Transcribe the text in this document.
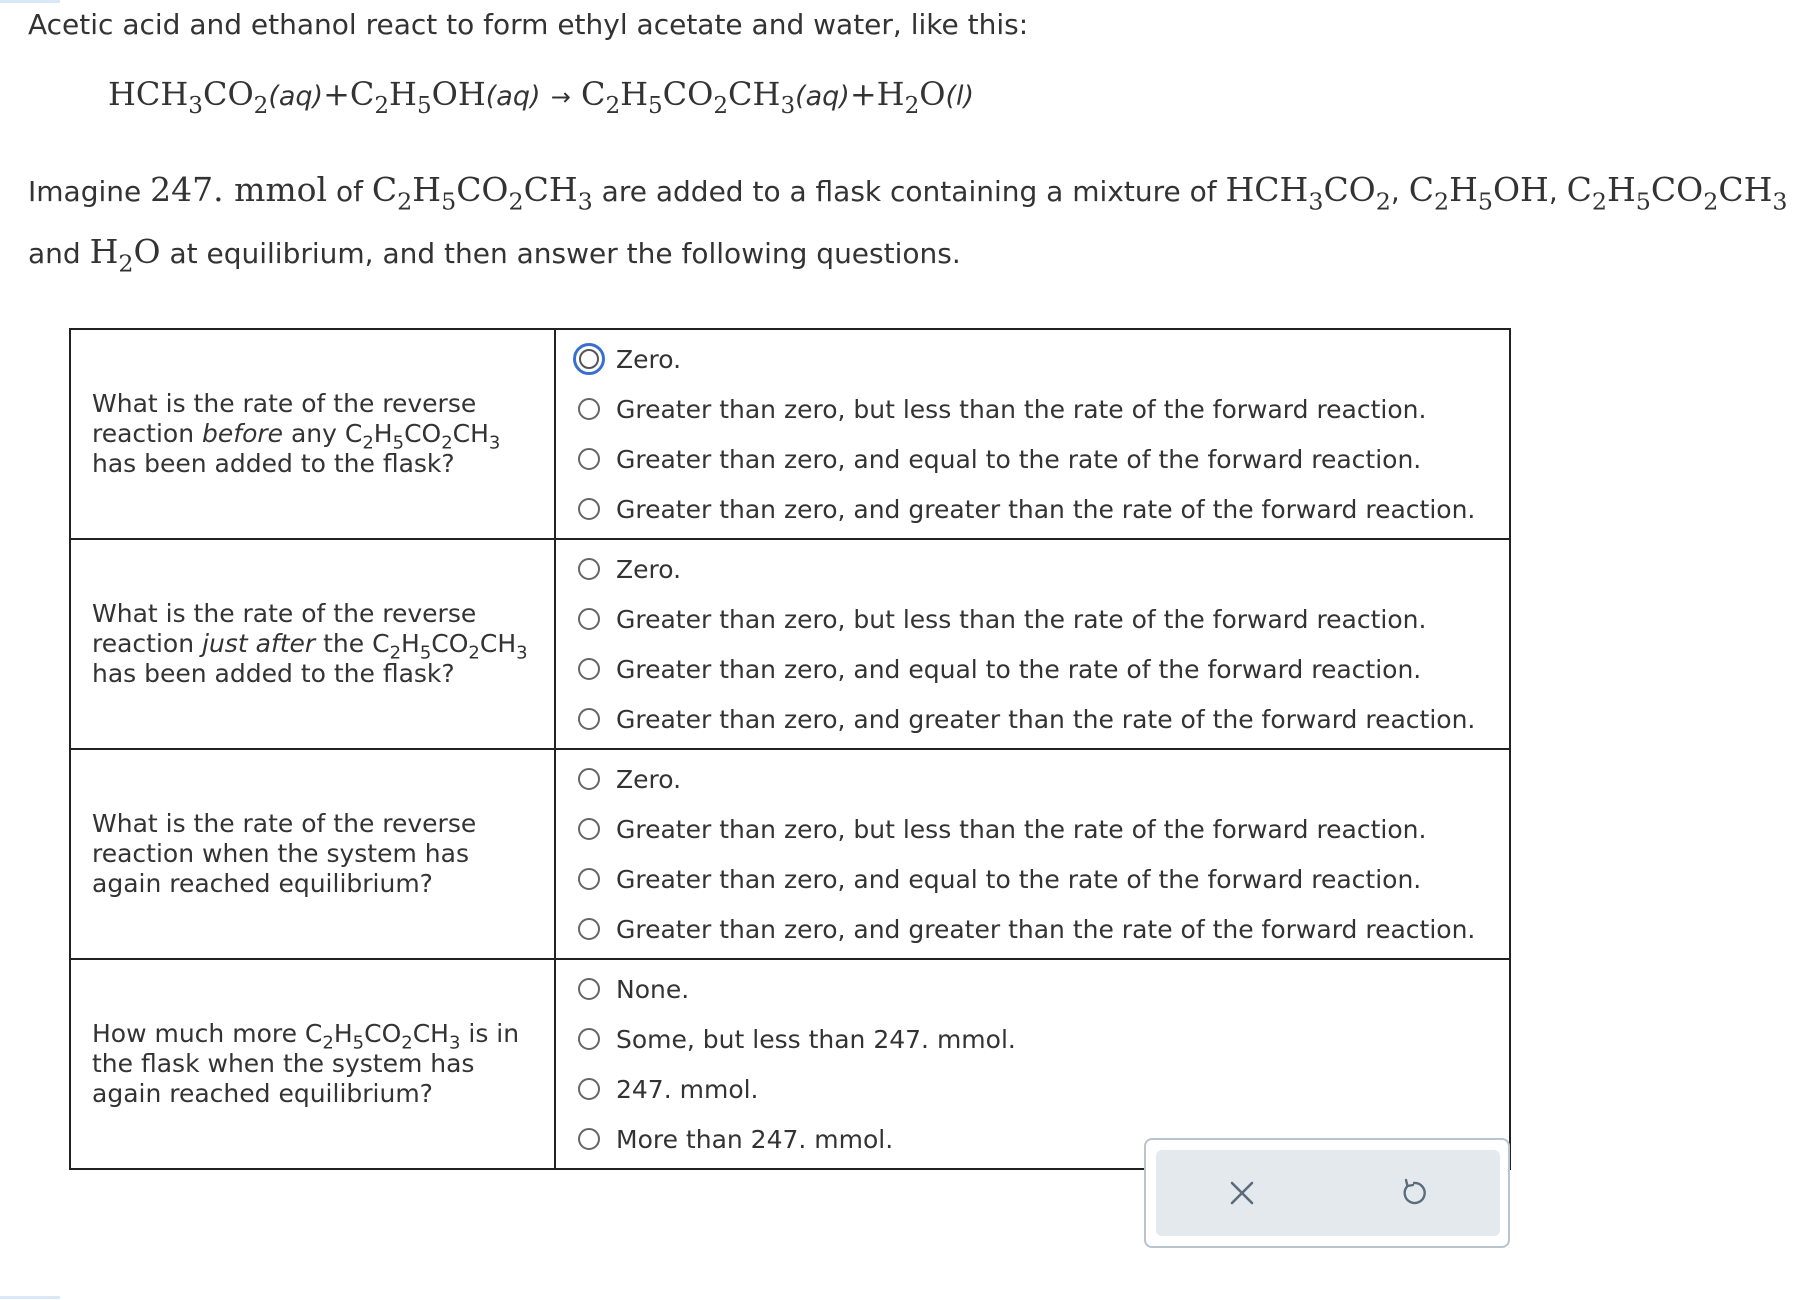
Acetic acid and ethanol react to form ethyl acetate and water, like this:
$HCH_3CO_2(aq)+C_2H_5OH(aq) \to C_2H_5CO_2CH_3(aq)+H_2O(l)$
Imagine 247. mmol of $C_2H_5CO_2CH_3$ are added to a flask containing a mixture of $HCH_3CO_2$, $C_2H_5OH$, $C_2H_5CO_2CH_3$
and $H_2O$ at equilibrium, and then answer the following questions.
What is the rate of the reverse reaction before any $C_2H_5CO_2CH_3$ has been added to the flask?	Zero.
Greater than zero, but less than the rate of the forward reaction.
Greater than zero, and equal to the rate of the forward reaction.
Greater than zero, and greater than the rate of the forward reaction.

What is the rate of the reverse reaction just after the $C_2H_5CO_2CH_3$ has been added to the flask?	Zero.
Greater than zero, but less than the rate of the forward reaction.
Greater than zero, and equal to the rate of the forward reaction.
Greater than zero, and greater than the rate of the forward reaction.

What is the rate of the reverse reaction when the system has again reached equilibrium?	Zero.
Greater than zero, but less than the rate of the forward reaction.
Greater than zero, and equal to the rate of the forward reaction.
Greater than zero, and greater than the rate of the forward reaction.

How much more $C_2H_5CO_2CH_3$ is in the flask when the system has again reached equilibrium?	None.
Some, but less than 247. mmol.
247. mmol.
More than 247. mmol.
